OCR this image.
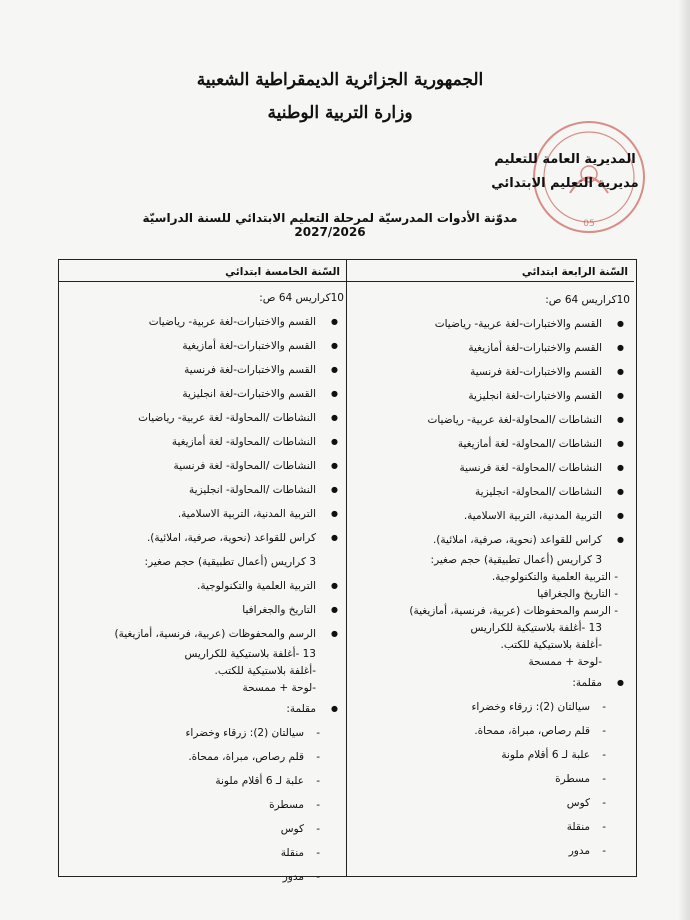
الجمهورية الجزائرية الديمقراطية الشعبية
وزارة التربية الوطنية
05
المديرية العامة للتعليم
مديرية التعليم الابتدائي
مدوّنة الأدوات المدرسيّة لمرحلة التعليم الابتدائي للسنة الدراسيّة 2027/2026
السّنة الرابعة ابتدائي
السّنة الخامسة ابتدائي
10كراريس 64 ص:
● القسم والاختبارات-لغة عربية- رياضيات
● القسم والاختبارات-لغة أمازيغية
● القسم والاختبارات-لغة فرنسية
● القسم والاختبارات-لغة انجليزية
● النشاطات /المحاولة-لغة عربية- رياضيات
● النشاطات /المحاولة- لغة أمازيغية
● النشاطات /المحاولة- لغة فرنسية
● النشاطات /المحاولة- انجليزية
● التربية المدنية، التربية الاسلامية.
● كراس للقواعد (نحوية، صرفية، املائية).
3 كراريس (أعمال تطبيقية) حجم صغير:
- التربية العلمية والتكنولوجية.
- التاريخ والجغرافيا
- الرسم والمحفوظات (عربية، فرنسية، أمازيغية)
13 -أغلفة بلاستيكية للكراريس
-أغلفة بلاستيكية للكتب.
-لوحة + ممسحة
● مقلمة:
- سيالتان (2): زرقاء وخضراء
- قلم رصاص، مبراة، ممحاة.
- علبة لـ 6 أقلام ملونة
- مسطرة
- كوس
- منقلة
- مدور
10كراريس 64 ص:
● القسم والاختبارات-لغة عربية- رياضيات
● القسم والاختبارات-لغة أمازيغية
● القسم والاختبارات-لغة فرنسية
● القسم والاختبارات-لغة انجليزية
● النشاطات /المحاولة- لغة عربية- رياضيات
● النشاطات /المحاولة- لغة أمازيغية
● النشاطات /المحاولة- لغة فرنسية
● النشاطات /المحاولة- انجليزية
● التربية المدنية، التربية الاسلامية.
● كراس للقواعد (نحوية، صرفية، املائية).
3 كراريس (أعمال تطبيقية) حجم صغير:
● التربية العلمية والتكنولوجية.
● التاريخ والجغرافيا
● الرسم والمحفوظات (عربية، فرنسية، أمازيغية)
13 -أغلفة بلاستيكية للكراريس
-أغلفة بلاستيكية للكتب.
-لوحة + ممسحة
● مقلمة:
- سيالتان (2): زرقاء وخضراء
- قلم رصاص، مبراة، ممحاة.
- علبة لـ 6 أقلام ملونة
- مسطرة
- كوس
- منقلة
- مدور
